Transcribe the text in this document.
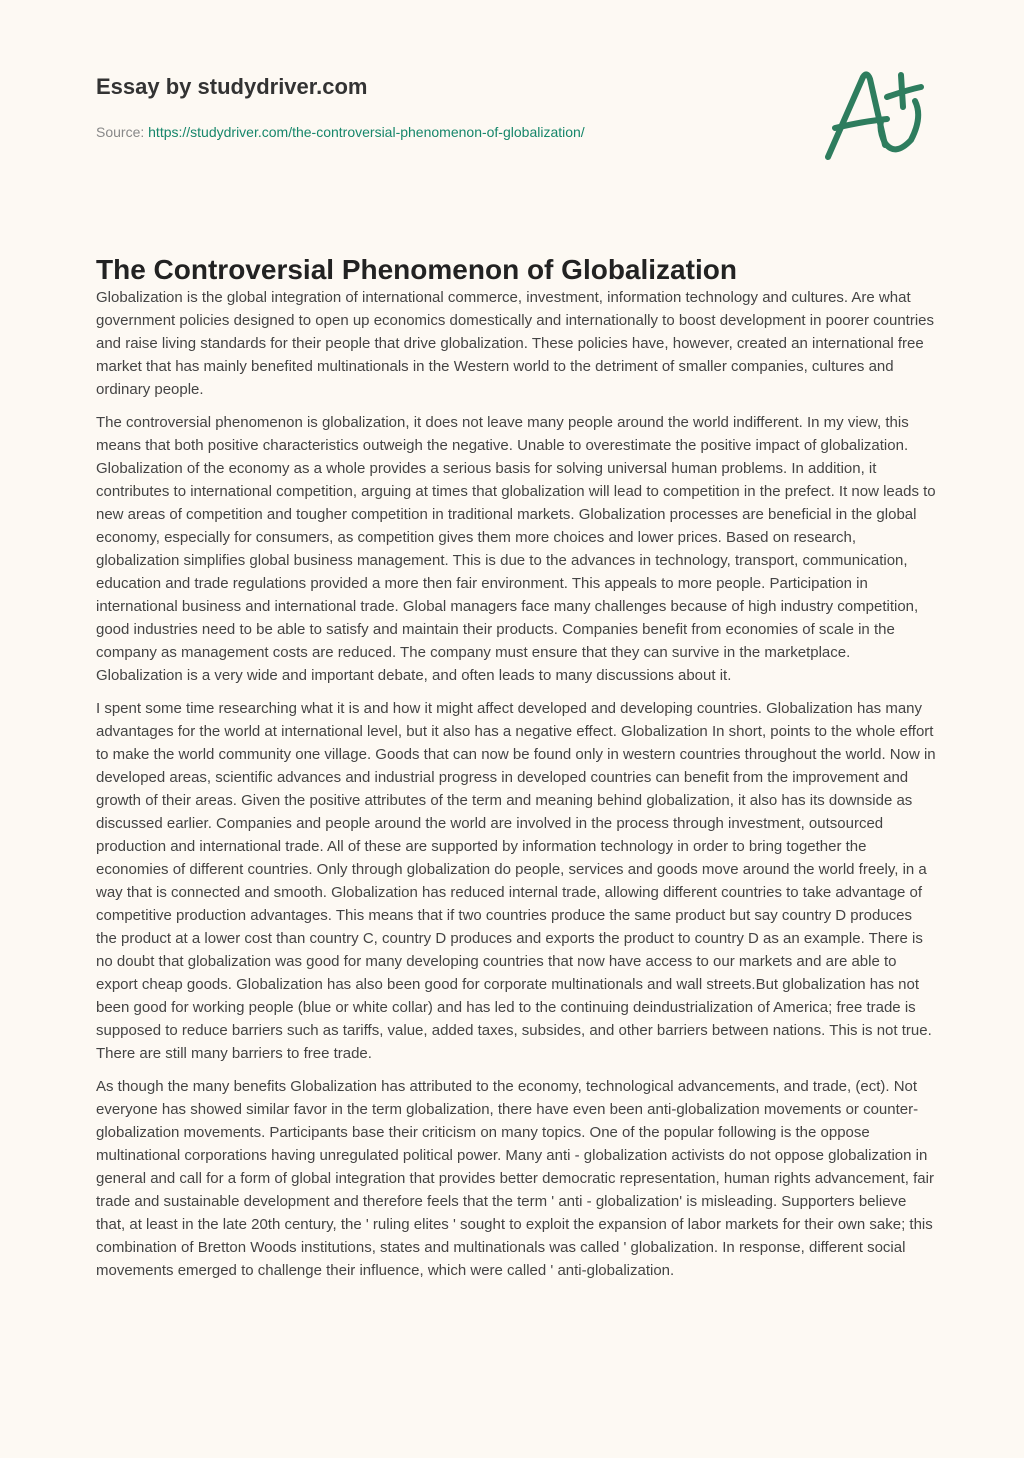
Essay by studydriver.com
Source: https://studydriver.com/the-controversial-phenomenon-of-globalization/
The Controversial Phenomenon of Globalization

Globalization is the global integration of international commerce, investment, information technology and cultures. Are what government policies designed to open up economics domestically and internationally to boost development in poorer countries and raise living standards for their people that drive globalization. These policies have, however, created an international free market that has mainly benefited multinationals in the Western world to the detriment of smaller companies, cultures and ordinary people.

The controversial phenomenon is globalization, it does not leave many people around the world indifferent. In my view, this means that both positive characteristics outweigh the negative. Unable to overestimate the positive impact of globalization. Globalization of the economy as a whole provides a serious basis for solving universal human problems. In addition, it contributes to international competition, arguing at times that globalization will lead to competition in the prefect. It now leads to new areas of competition and tougher competition in traditional markets. Globalization processes are beneficial in the global economy, especially for consumers, as competition gives them more choices and lower prices. Based on research, globalization simplifies global business management. This is due to the advances in technology, transport, communication, education and trade regulations provided a more then fair environment. This appeals to more people. Participation in international business and international trade. Global managers face many challenges because of high industry competition, good industries need to be able to satisfy and maintain their products. Companies benefit from economies of scale in the company as management costs are reduced. The company must ensure that they can survive in the marketplace. Globalization is a very wide and important debate, and often leads to many discussions about it.

I spent some time researching what it is and how it might affect developed and developing countries. Globalization has many advantages for the world at international level, but it also has a negative effect. Globalization In short, points to the whole effort to make the world community one village. Goods that can now be found only in western countries throughout the world. Now in developed areas, scientific advances and industrial progress in developed countries can benefit from the improvement and growth of their areas. Given the positive attributes of the term and meaning behind globalization, it also has its downside as discussed earlier. Companies and people around the world are involved in the process through investment, outsourced production and international trade. All of these are supported by information technology in order to bring together the economies of different countries. Only through globalization do people, services and goods move around the world freely, in a way that is connected and smooth. Globalization has reduced internal trade, allowing different countries to take advantage of competitive production advantages. This means that if two countries produce the same product but say country D produces the product at a lower cost than country C, country D produces and exports the product to country D as an example. There is no doubt that globalization was good for many developing countries that now have access to our markets and are able to export cheap goods. Globalization has also been good for corporate multinationals and wall streets.But globalization has not been good for working people (blue or white collar) and has led to the continuing deindustrialization of America; free trade is supposed to reduce barriers such as tariffs, value, added taxes, subsides, and other barriers between nations. This is not true. There are still many barriers to free trade.

As though the many benefits Globalization has attributed to the economy, technological advancements, and trade, (ect). Not everyone has showed similar favor in the term globalization, there have even been anti-globalization movements or counter- globalization movements. Participants base their criticism on many topics. One of the popular following is the oppose multinational corporations having unregulated political power. Many anti - globalization activists do not oppose globalization in general and call for a form of global integration that provides better democratic representation, human rights advancement, fair trade and sustainable development and therefore feels that the term ' anti - globalization' is misleading. Supporters believe that, at least in the late 20th century, the ' ruling elites ' sought to exploit the expansion of labor markets for their own sake; this combination of Bretton Woods institutions, states and multinationals was called ' globalization. In response, different social movements emerged to challenge their influence, which were called ' anti-globalization.
